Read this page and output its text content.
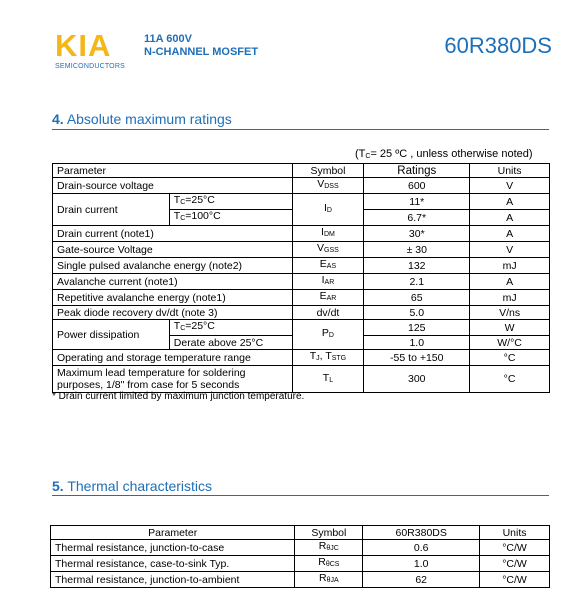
KIA
SEMICONDUCTORS
11A 600V
N-CHANNEL MOSFET	60R380DS
4. Absolute maximum ratings
($T_C= 25$ ºC , unless otherwise noted)
Parameter		Symbol	Ratings	Units
Drain-source voltage		$V_{DSS}$	600	V
Drain current	$T_C=25^\circ C$	$I_D$	11*	A
	$T_C=100^\circ C$		6.7*	A
Drain current (note1)		$I_{DM}$	30*	A
Gate-source Voltage		$V_{GSS}$	± 30	V
Single pulsed avalanche energy (note2)		$E_{AS}$	132	mJ
Avalanche current (note1)		$I_{AR}$	2.1	A
Repetitive avalanche energy (note1)		$E_{AR}$	65	mJ
Peak diode recovery dv/dt (note 3)		dv/dt	5.0	V/ns
Power dissipation	$T_C=25^\circ C$	$P_D$	125	W
	Derate above 25°C		1.0	W/°C
Operating and storage temperature range		$T_J$, $T_{STG}$	-55 to +150	°C
Maximum lead temperature for soldering purposes, 1/8" from case for 5 seconds		$T_L$	300	°C
* Drain current limited by maximum junction temperature.
5. Thermal characteristics
Parameter	Symbol	60R380DS	Units
Thermal resistance, junction-to-case	$R_{\theta JC}$	0.6	°C/W
Thermal resistance, case-to-sink Typ.	$R_{\theta CS}$	1.0	°C/W
Thermal resistance, junction-to-ambient	$R_{\theta JA}$	62	°C/W
